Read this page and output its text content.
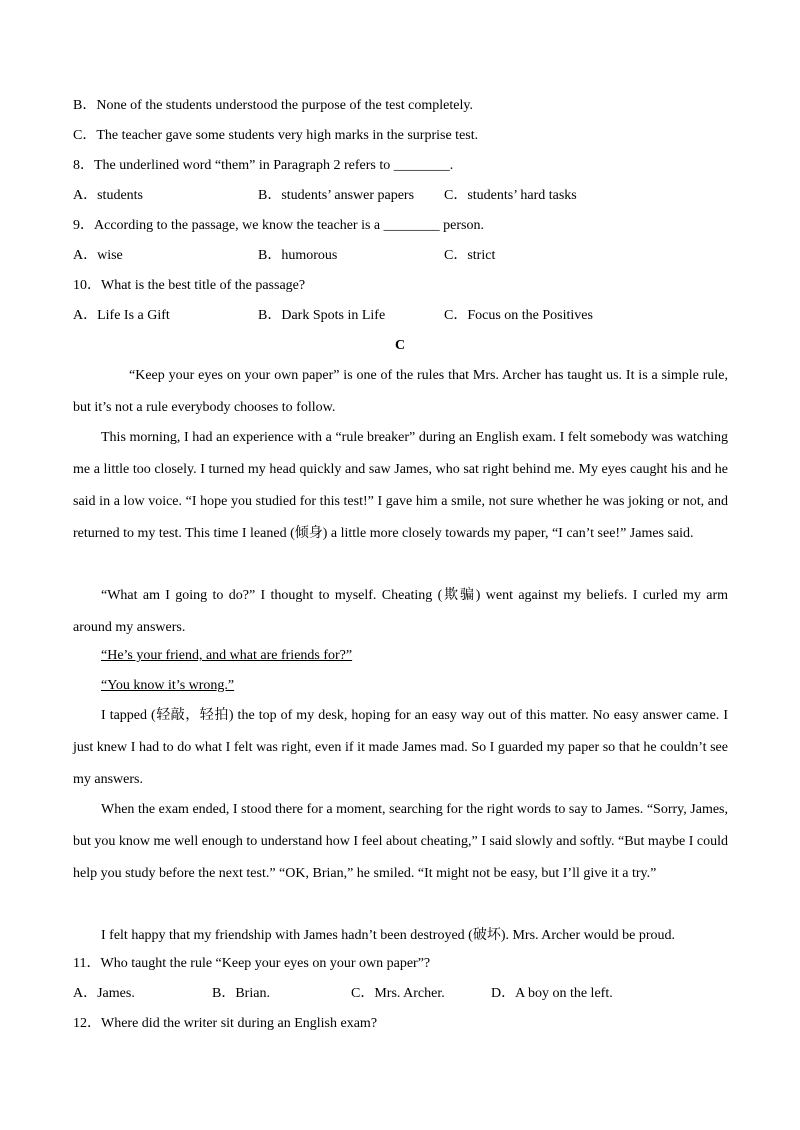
B．None of the students understood the purpose of the test completely.
C．The teacher gave some students very high marks in the surprise test.
8．The underlined word “them” in Paragraph 2 refers to ________.
A．students	B．students’ answer papers C．students’ hard tasks
9．According to the passage, we know the teacher is a ________ person.
A．wise	B．humorous	C．strict
10．What is the best title of the passage?
A．Life Is a Gift	B．Dark Spots in Life	C．Focus on the Positives
C
“Keep your eyes on your own paper” is one of the rules that Mrs. Archer has taught us. It is a simple rule, but it’s not a rule everybody chooses to follow.
This morning, I had an experience with a “rule breaker” during an English exam. I felt somebody was watching me a little too closely. I turned my head quickly and saw James, who sat right behind me. My eyes caught his and he said in a low voice. “I hope you studied for this test!” I gave him a smile, not sure whether he was joking or not, and returned to my test. This time I leaned (倾身) a little more closely towards my paper, “I can’t see!” James said.
“What am I going to do?” I thought to myself. Cheating (欺骗) went against my beliefs. I curled my arm around my answers.
“He’s your friend, and what are friends for?”
“You know it’s wrong.”
I tapped (轻敲，轻拍) the top of my desk, hoping for an easy way out of this matter. No easy answer came. I just knew I had to do what I felt was right, even if it made James mad. So I guarded my paper so that he couldn’t see my answers.
When the exam ended, I stood there for a moment, searching for the right words to say to James. “Sorry, James, but you know me well enough to understand how I feel about cheating,” I said slowly and softly. “But maybe I could help you study before the next test.” “OK, Brian,” he smiled. “It might not be easy, but I’ll give it a try.”
I felt happy that my friendship with James hadn’t been destroyed (破坏). Mrs. Archer would be proud.
11．Who taught the rule “Keep your eyes on your own paper”?
A．James.	B．Brian.	C．Mrs. Archer.	D．A boy on the left.
12．Where did the writer sit during an English exam?
